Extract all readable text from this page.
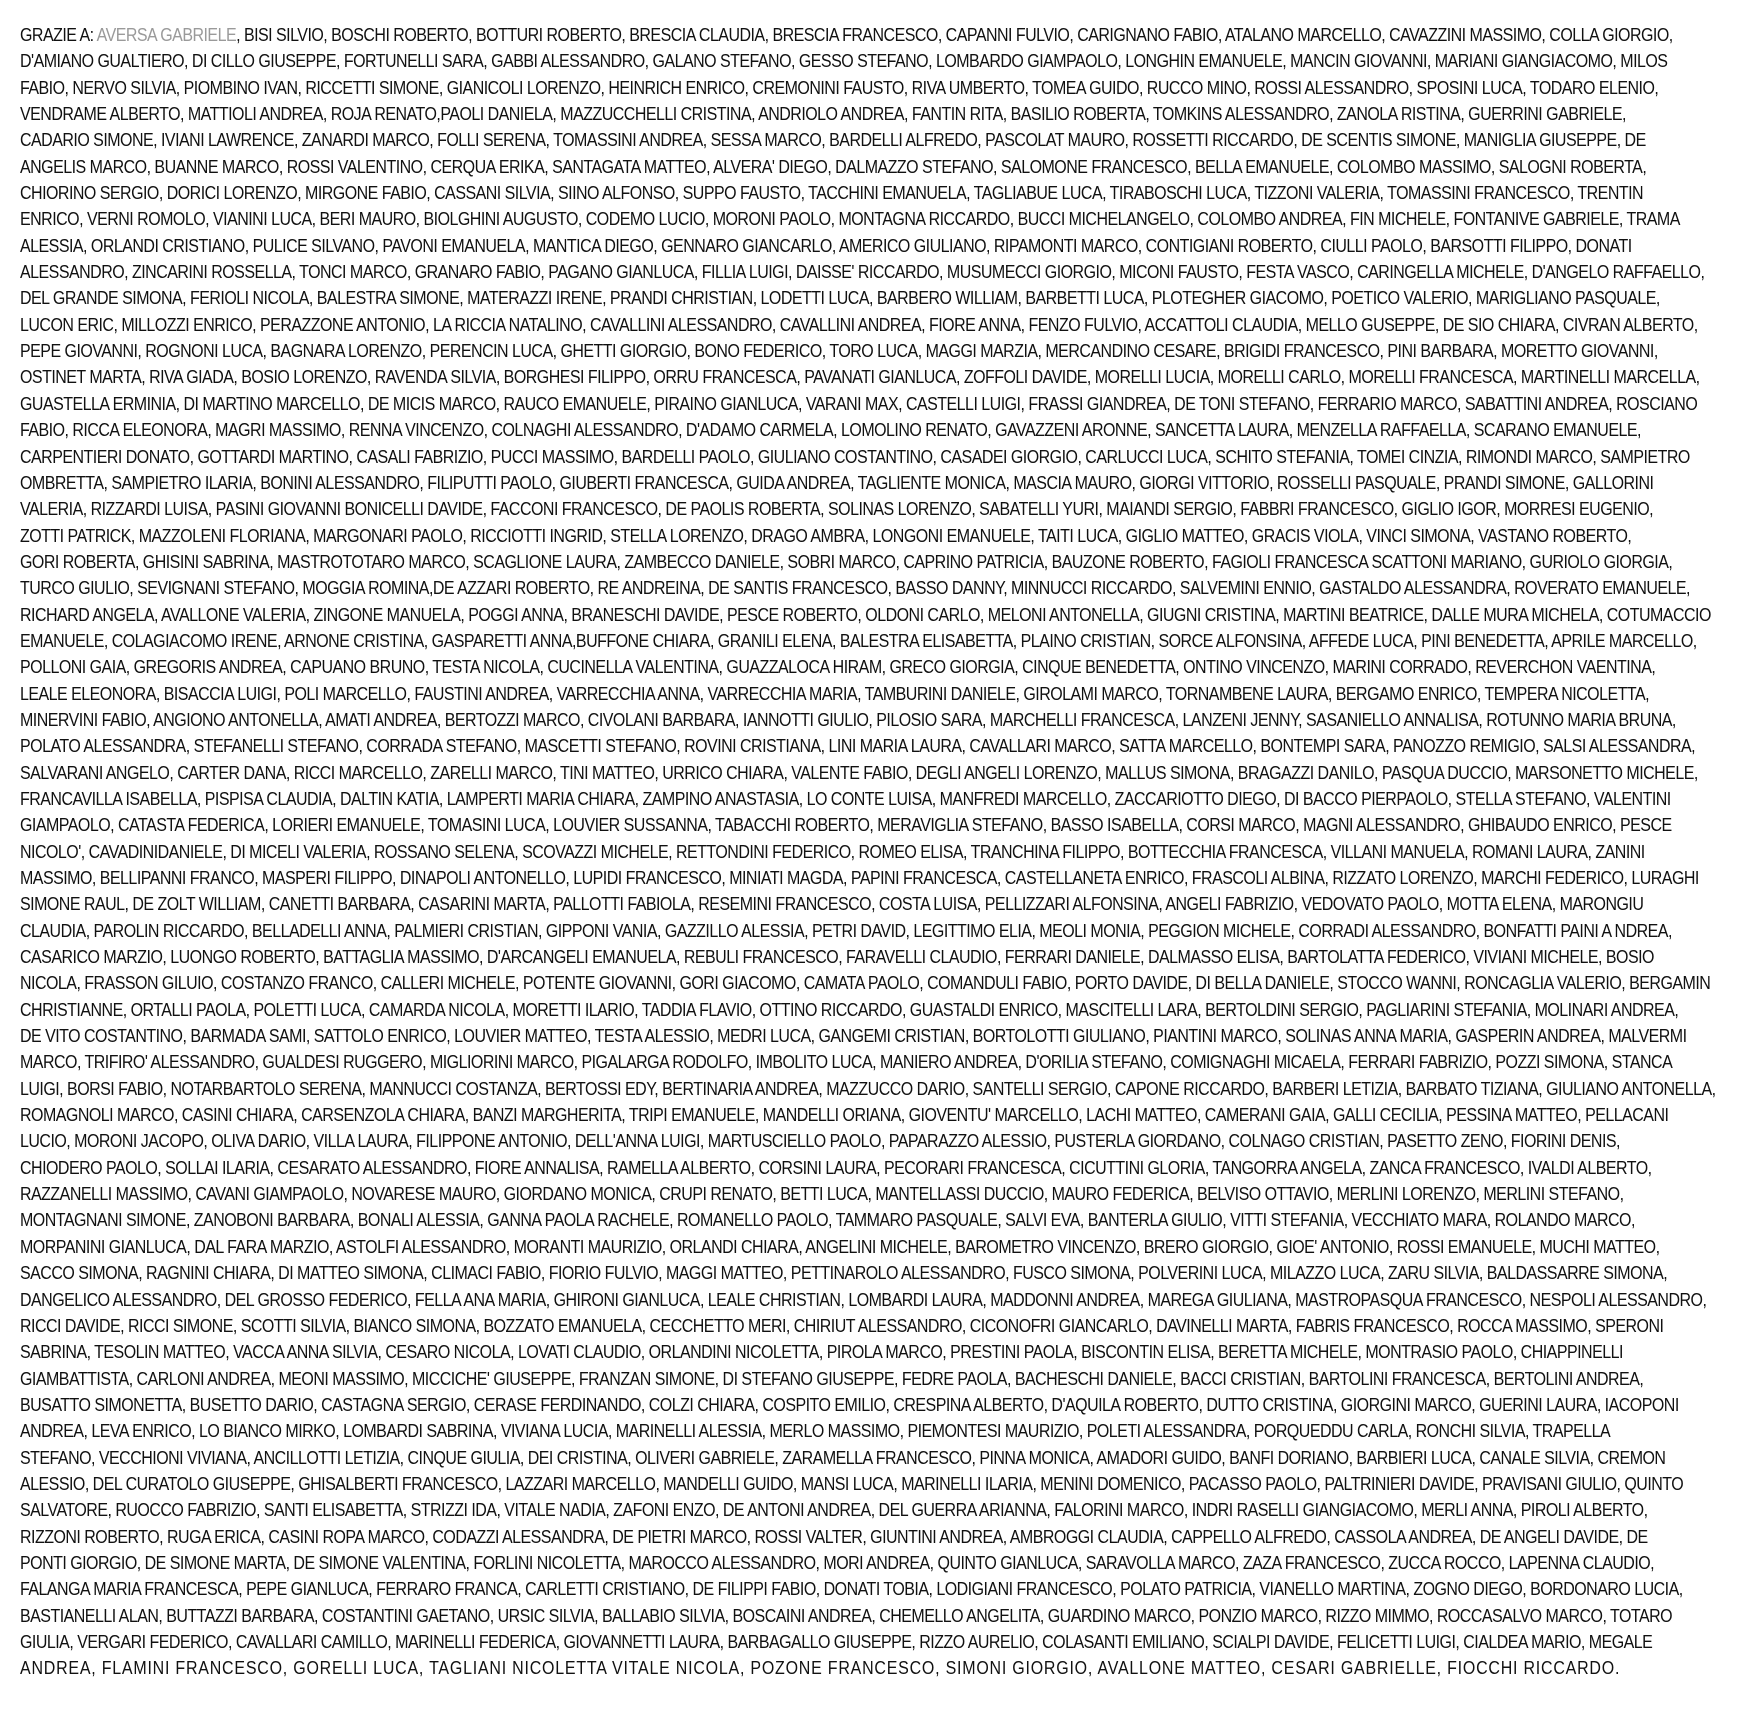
GRAZIE A: AVERSA GABRIELE, BISI SILVIO, BOSCHI ROBERTO, BOTTURI ROBERTO, BRESCIA CLAUDIA, BRESCIA FRANCESCO, CAPANNI FULVIO, CARIGNANO FABIO, ATALANO MARCELLO, CAVAZZINI MASSIMO, COLLA GIORGIO,
D'AMIANO GUALTIERO, DI CILLO GIUSEPPE, FORTUNELLI SARA, GABBI ALESSANDRO, GALANO STEFANO, GESSO STEFANO, LOMBARDO GIAMPAOLO, LONGHIN EMANUELE, MANCIN GIOVANNI, MARIANI GIANGIACOMO, MILOS
FABIO, NERVO SILVIA, PIOMBINO IVAN, RICCETTI SIMONE, GIANICOLI LORENZO, HEINRICH ENRICO, CREMONINI FAUSTO, RIVA UMBERTO, TOMEA GUIDO, RUCCO MINO, ROSSI ALESSANDRO, SPOSINI LUCA, TODARO ELENIO,
VENDRAME ALBERTO, MATTIOLI ANDREA, ROJA RENATO,PAOLI DANIELA, MAZZUCCHELLI CRISTINA, ANDRIOLO ANDREA, FANTIN RITA, BASILIO ROBERTA, TOMKINS ALESSANDRO, ZANOLA RISTINA, GUERRINI GABRIELE,
CADARIO SIMONE, IVIANI LAWRENCE, ZANARDI MARCO, FOLLI SERENA, TOMASSINI ANDREA, SESSA MARCO, BARDELLI ALFREDO, PASCOLAT MAURO, ROSSETTI RICCARDO, DE SCENTIS SIMONE, MANIGLIA GIUSEPPE, DE
ANGELIS MARCO, BUANNE MARCO, ROSSI VALENTINO, CERQUA ERIKA, SANTAGATA MATTEO, ALVERA' DIEGO, DALMAZZO STEFANO, SALOMONE FRANCESCO, BELLA EMANUELE, COLOMBO MASSIMO, SALOGNI ROBERTA,
CHIORINO SERGIO, DORICI LORENZO, MIRGONE FABIO, CASSANI SILVIA, SIINO ALFONSO, SUPPO FAUSTO, TACCHINI EMANUELA, TAGLIABUE LUCA, TIRABOSCHI LUCA, TIZZONI VALERIA, TOMASSINI FRANCESCO, TRENTIN
ENRICO, VERNI ROMOLO, VIANINI LUCA, BERI MAURO, BIOLGHINI AUGUSTO, CODEMO LUCIO, MORONI PAOLO, MONTAGNA RICCARDO, BUCCI MICHELANGELO, COLOMBO ANDREA, FIN MICHELE, FONTANIVE GABRIELE, TRAMA
ALESSIA, ORLANDI CRISTIANO, PULICE SILVANO, PAVONI EMANUELA, MANTICA DIEGO, GENNARO GIANCARLO, AMERICO GIULIANO, RIPAMONTI MARCO, CONTIGIANI ROBERTO, CIULLI PAOLO, BARSOTTI FILIPPO, DONATI
ALESSANDRO, ZINCARINI ROSSELLA, TONCI MARCO, GRANARO FABIO, PAGANO GIANLUCA, FILLIA LUIGI, DAISSE' RICCARDO, MUSUMECCI GIORGIO, MICONI FAUSTO, FESTA VASCO, CARINGELLA MICHELE, D'ANGELO RAFFAELLO,
DEL GRANDE SIMONA, FERIOLI NICOLA, BALESTRA SIMONE, MATERAZZI IRENE, PRANDI CHRISTIAN, LODETTI LUCA, BARBERO WILLIAM, BARBETTI LUCA, PLOTEGHER GIACOMO, POETICO VALERIO, MARIGLIANO PASQUALE,
LUCON ERIC, MILLOZZI ENRICO, PERAZZONE ANTONIO, LA RICCIA NATALINO, CAVALLINI ALESSANDRO, CAVALLINI ANDREA, FIORE ANNA, FENZO FULVIO, ACCATTOLI CLAUDIA, MELLO GUSEPPE, DE SIO CHIARA, CIVRAN ALBERTO,
PEPE GIOVANNI, ROGNONI LUCA, BAGNARA LORENZO, PERENCIN LUCA, GHETTI GIORGIO, BONO FEDERICO, TORO LUCA, MAGGI MARZIA, MERCANDINO CESARE, BRIGIDI FRANCESCO, PINI BARBARA, MORETTO GIOVANNI,
OSTINET MARTA, RIVA GIADA, BOSIO LORENZO, RAVENDA SILVIA, BORGHESI FILIPPO, ORRU FRANCESCA, PAVANATI GIANLUCA, ZOFFOLI DAVIDE, MORELLI LUCIA, MORELLI CARLO, MORELLI FRANCESCA, MARTINELLI MARCELLA,
GUASTELLA ERMINIA, DI MARTINO MARCELLO, DE MICIS MARCO, RAUCO EMANUELE, PIRAINO GIANLUCA, VARANI MAX, CASTELLI LUIGI, FRASSI GIANDREA, DE TONI STEFANO, FERRARIO MARCO, SABATTINI ANDREA, ROSCIANO
FABIO, RICCA ELEONORA, MAGRI MASSIMO, RENNA VINCENZO, COLNAGHI ALESSANDRO, D'ADAMO CARMELA, LOMOLINO RENATO, GAVAZZENI ARONNE, SANCETTA LAURA, MENZELLA RAFFAELLA, SCARANO EMANUELE,
CARPENTIERI DONATO, GOTTARDI MARTINO, CASALI FABRIZIO, PUCCI MASSIMO, BARDELLI PAOLO, GIULIANO COSTANTINO, CASADEI GIORGIO, CARLUCCI LUCA, SCHITO STEFANIA, TOMEI CINZIA, RIMONDI MARCO, SAMPIETRO
OMBRETTA, SAMPIETRO ILARIA, BONINI ALESSANDRO, FILIPUTTI PAOLO, GIUBERTI FRANCESCA, GUIDA ANDREA, TAGLIENTE MONICA, MASCIA MAURO, GIORGI VITTORIO, ROSSELLI PASQUALE, PRANDI SIMONE, GALLORINI
VALERIA, RIZZARDI LUISA, PASINI GIOVANNI BONICELLI DAVIDE, FACCONI FRANCESCO, DE PAOLIS ROBERTA, SOLINAS LORENZO, SABATELLI YURI, MAIANDI SERGIO, FABBRI FRANCESCO, GIGLIO IGOR, MORRESI EUGENIO,
ZOTTI PATRICK, MAZZOLENI FLORIANA, MARGONARI PAOLO, RICCIOTTI INGRID, STELLA LORENZO, DRAGO AMBRA, LONGONI EMANUELE, TAITI LUCA, GIGLIO MATTEO, GRACIS VIOLA, VINCI SIMONA, VASTANO ROBERTO,
GORI ROBERTA, GHISINI SABRINA, MASTROTOTARO MARCO, SCAGLIONE LAURA, ZAMBECCO DANIELE, SOBRI MARCO, CAPRINO PATRICIA, BAUZONE ROBERTO, FAGIOLI FRANCESCA SCATTONI MARIANO, GURIOLO GIORGIA,
TURCO GIULIO, SEVIGNANI STEFANO, MOGGIA ROMINA,DE AZZARI ROBERTO, RE ANDREINA, DE SANTIS FRANCESCO, BASSO DANNY, MINNUCCI RICCARDO, SALVEMINI ENNIO, GASTALDO ALESSANDRA, ROVERATO EMANUELE,
RICHARD ANGELA, AVALLONE VALERIA, ZINGONE MANUELA, POGGI ANNA, BRANESCHI DAVIDE, PESCE ROBERTO, OLDONI CARLO, MELONI ANTONELLA, GIUGNI CRISTINA, MARTINI BEATRICE, DALLE MURA MICHELA, COTUMACCIO
EMANUELE, COLAGIACOMO IRENE, ARNONE CRISTINA, GASPARETTI ANNA,BUFFONE CHIARA, GRANILI ELENA, BALESTRA ELISABETTA, PLAINO CRISTIAN, SORCE ALFONSINA, AFFEDE LUCA, PINI BENEDETTA, APRILE MARCELLO,
POLLONI GAIA, GREGORIS ANDREA, CAPUANO BRUNO, TESTA NICOLA, CUCINELLA VALENTINA, GUAZZALOCA HIRAM, GRECO GIORGIA, CINQUE BENEDETTA, ONTINO VINCENZO, MARINI CORRADO, REVERCHON VAENTINA,
LEALE ELEONORA, BISACCIA LUIGI, POLI MARCELLO, FAUSTINI ANDREA, VARRECCHIA ANNA, VARRECCHIA MARIA, TAMBURINI DANIELE, GIROLAMI MARCO, TORNAMBENE LAURA, BERGAMO ENRICO, TEMPERA NICOLETTA,
MINERVINI FABIO, ANGIONO ANTONELLA, AMATI ANDREA, BERTOZZI MARCO, CIVOLANI BARBARA, IANNOTTI GIULIO, PILOSIO SARA, MARCHELLI FRANCESCA, LANZENI JENNY, SASANIELLO ANNALISA, ROTUNNO MARIA BRUNA,
POLATO ALESSANDRA, STEFANELLI STEFANO, CORRADA STEFANO, MASCETTI STEFANO, ROVINI CRISTIANA, LINI MARIA LAURA, CAVALLARI MARCO, SATTA MARCELLO, BONTEMPI SARA, PANOZZO REMIGIO, SALSI ALESSANDRA,
SALVARANI ANGELO, CARTER DANA, RICCI MARCELLO, ZARELLI MARCO, TINI MATTEO, URRICO CHIARA, VALENTE FABIO, DEGLI ANGELI LORENZO, MALLUS SIMONA, BRAGAZZI DANILO, PASQUA DUCCIO, MARSONETTO MICHELE,
FRANCAVILLA ISABELLA, PISPISA CLAUDIA, DALTIN KATIA, LAMPERTI MARIA CHIARA, ZAMPINO ANASTASIA, LO CONTE LUISA, MANFREDI MARCELLO, ZACCARIOTTO DIEGO, DI BACCO PIERPAOLO, STELLA STEFANO, VALENTINI
GIAMPAOLO, CATASTA FEDERICA, LORIERI EMANUELE, TOMASINI LUCA, LOUVIER SUSSANNA, TABACCHI ROBERTO, MERAVIGLIA STEFANO, BASSO ISABELLA, CORSI MARCO, MAGNI ALESSANDRO, GHIBAUDO ENRICO, PESCE
NICOLO', CAVADINIDANIELE, DI MICELI VALERIA, ROSSANO SELENA, SCOVAZZI MICHELE, RETTONDINI FEDERICO, ROMEO ELISA, TRANCHINA FILIPPO, BOTTECCHIA FRANCESCA, VILLANI MANUELA, ROMANI LAURA, ZANINI
MASSIMO, BELLIPANNI FRANCO, MASPERI FILIPPO, DINAPOLI ANTONELLO, LUPIDI FRANCESCO, MINIATI MAGDA, PAPINI FRANCESCA, CASTELLANETA ENRICO, FRASCOLI ALBINA, RIZZATO LORENZO, MARCHI FEDERICO, LURAGHI
SIMONE RAUL, DE ZOLT WILLIAM, CANETTI BARBARA, CASARINI MARTA, PALLOTTI FABIOLA, RESEMINI FRANCESCO, COSTA LUISA, PELLIZZARI ALFONSINA, ANGELI FABRIZIO, VEDOVATO PAOLO, MOTTA ELENA, MARONGIU
CLAUDIA, PAROLIN RICCARDO, BELLADELLI ANNA, PALMIERI CRISTIAN, GIPPONI VANIA, GAZZILLO ALESSIA, PETRI DAVID, LEGITTIMO ELIA, MEOLI MONIA, PEGGION MICHELE, CORRADI ALESSANDRO, BONFATTI PAINI A NDREA,
CASARICO MARZIO, LUONGO ROBERTO, BATTAGLIA MASSIMO, D'ARCANGELI EMANUELA, REBULI FRANCESCO, FARAVELLI CLAUDIO, FERRARI DANIELE, DALMASSO ELISA, BARTOLATTA FEDERICO, VIVIANI MICHELE, BOSIO
NICOLA, FRASSON GILUIO, COSTANZO FRANCO, CALLERI MICHELE, POTENTE GIOVANNI, GORI GIACOMO, CAMATA PAOLO, COMANDULI FABIO, PORTO DAVIDE, DI BELLA DANIELE, STOCCO WANNI, RONCAGLIA VALERIO, BERGAMIN
CHRISTIANNE, ORTALLI PAOLA, POLETTI LUCA, CAMARDA NICOLA, MORETTI ILARIO, TADDIA FLAVIO, OTTINO RICCARDO, GUASTALDI ENRICO, MASCITELLI LARA, BERTOLDINI SERGIO, PAGLIARINI STEFANIA, MOLINARI ANDREA,
DE VITO COSTANTINO, BARMADA SAMI, SATTOLO ENRICO, LOUVIER MATTEO, TESTA ALESSIO, MEDRI LUCA, GANGEMI CRISTIAN, BORTOLOTTI GIULIANO, PIANTINI MARCO, SOLINAS ANNA MARIA, GASPERIN ANDREA, MALVERMI
MARCO, TRIFIRO' ALESSANDRO, GUALDESI RUGGERO, MIGLIORINI MARCO, PIGALARGA RODOLFO, IMBOLITO LUCA, MANIERO ANDREA, D'ORILIA STEFANO, COMIGNAGHI MICAELA, FERRARI FABRIZIO, POZZI SIMONA, STANCA
LUIGI, BORSI FABIO, NOTARBARTOLO SERENA, MANNUCCI COSTANZA, BERTOSSI EDY, BERTINARIA ANDREA, MAZZUCCO DARIO, SANTELLI SERGIO, CAPONE RICCARDO, BARBERI LETIZIA, BARBATO TIZIANA, GIULIANO ANTONELLA,
ROMAGNOLI MARCO, CASINI CHIARA, CARSENZOLA CHIARA, BANZI MARGHERITA, TRIPI EMANUELE, MANDELLI ORIANA, GIOVENTU' MARCELLO, LACHI MATTEO, CAMERANI GAIA, GALLI CECILIA, PESSINA MATTEO, PELLACANI
LUCIO, MORONI JACOPO, OLIVA DARIO, VILLA LAURA, FILIPPONE ANTONIO, DELL'ANNA LUIGI, MARTUSCIELLO PAOLO, PAPARAZZO ALESSIO, PUSTERLA GIORDANO, COLNAGO CRISTIAN, PASETTO ZENO, FIORINI DENIS,
CHIODERO PAOLO, SOLLAI ILARIA, CESARATO ALESSANDRO, FIORE ANNALISA, RAMELLA ALBERTO, CORSINI LAURA, PECORARI FRANCESCA, CICUTTINI GLORIA, TANGORRA ANGELA, ZANCA FRANCESCO, IVALDI ALBERTO,
RAZZANELLI MASSIMO, CAVANI GIAMPAOLO, NOVARESE MAURO, GIORDANO MONICA, CRUPI RENATO, BETTI LUCA, MANTELLASSI DUCCIO, MAURO FEDERICA, BELVISO OTTAVIO, MERLINI LORENZO, MERLINI STEFANO,
MONTAGNANI SIMONE, ZANOBONI BARBARA, BONALI ALESSIA, GANNA PAOLA RACHELE, ROMANELLO PAOLO, TAMMARO PASQUALE, SALVI EVA, BANTERLA GIULIO, VITTI STEFANIA, VECCHIATO MARA, ROLANDO MARCO,
MORPANINI GIANLUCA, DAL FARA MARZIO, ASTOLFI ALESSANDRO, MORANTI MAURIZIO, ORLANDI CHIARA, ANGELINI MICHELE, BAROMETRO VINCENZO, BRERO GIORGIO, GIOE' ANTONIO, ROSSI EMANUELE, MUCHI MATTEO,
SACCO SIMONA, RAGNINI CHIARA, DI MATTEO SIMONA, CLIMACI FABIO, FIORIO FULVIO, MAGGI MATTEO, PETTINAROLO ALESSANDRO, FUSCO SIMONA, POLVERINI LUCA, MILAZZO LUCA, ZARU SILVIA, BALDASSARRE SIMONA,
DANGELICO ALESSANDRO, DEL GROSSO FEDERICO, FELLA ANA MARIA, GHIRONI GIANLUCA, LEALE CHRISTIAN, LOMBARDI LAURA, MADDONNI ANDREA, MAREGA GIULIANA, MASTROPASQUA FRANCESCO, NESPOLI ALESSANDRO,
RICCI DAVIDE, RICCI SIMONE, SCOTTI SILVIA, BIANCO SIMONA, BOZZATO EMANUELA, CECCHETTO MERI, CHIRIUT ALESSANDRO, CICONOFRI GIANCARLO, DAVINELLI MARTA, FABRIS FRANCESCO, ROCCA MASSIMO, SPERONI
SABRINA, TESOLIN MATTEO, VACCA ANNA SILVIA, CESARO NICOLA, LOVATI CLAUDIO, ORLANDINI NICOLETTA, PIROLA MARCO, PRESTINI PAOLA, BISCONTIN ELISA, BERETTA MICHELE, MONTRASIO PAOLO, CHIAPPINELLI
GIAMBATTISTA, CARLONI ANDREA, MEONI MASSIMO, MICCICHE' GIUSEPPE, FRANZAN SIMONE, DI STEFANO GIUSEPPE, FEDRE PAOLA, BACHESCHI DANIELE, BACCI CRISTIAN, BARTOLINI FRANCESCA, BERTOLINI ANDREA,
BUSATTO SIMONETTA, BUSETTO DARIO, CASTAGNA SERGIO, CERASE FERDINANDO, COLZI CHIARA, COSPITO EMILIO, CRESPINA ALBERTO, D'AQUILA ROBERTO, DUTTO CRISTINA, GIORGINI MARCO, GUERINI LAURA, IACOPONI
ANDREA, LEVA ENRICO, LO BIANCO MIRKO, LOMBARDI SABRINA, VIVIANA LUCIA, MARINELLI ALESSIA, MERLO MASSIMO, PIEMONTESI MAURIZIO, POLETI ALESSANDRA, PORQUEDDU CARLA, RONCHI SILVIA, TRAPELLA
STEFANO, VECCHIONI VIVIANA, ANCILLOTTI LETIZIA, CINQUE GIULIA, DEI CRISTINA, OLIVERI GABRIELE, ZARAMELLA FRANCESCO, PINNA MONICA, AMADORI GUIDO, BANFI DORIANO, BARBIERI LUCA, CANALE SILVIA, CREMON
ALESSIO, DEL CURATOLO GIUSEPPE, GHISALBERTI FRANCESCO, LAZZARI MARCELLO, MANDELLI GUIDO, MANSI LUCA, MARINELLI ILARIA, MENINI DOMENICO, PACASSO PAOLO, PALTRINIERI DAVIDE, PRAVISANI GIULIO, QUINTO
SALVATORE, RUOCCO FABRIZIO, SANTI ELISABETTA, STRIZZI IDA, VITALE NADIA, ZAFONI ENZO, DE ANTONI ANDREA, DEL GUERRA ARIANNA, FALORINI MARCO, INDRI RASELLI GIANGIACOMO, MERLI ANNA, PIROLI ALBERTO,
RIZZONI ROBERTO, RUGA ERICA, CASINI ROPA MARCO, CODAZZI ALESSANDRA, DE PIETRI MARCO, ROSSI VALTER, GIUNTINI ANDREA, AMBROGGI CLAUDIA, CAPPELLO ALFREDO, CASSOLA ANDREA, DE ANGELI DAVIDE, DE
PONTI GIORGIO, DE SIMONE MARTA, DE SIMONE VALENTINA, FORLINI NICOLETTA, MAROCCO ALESSANDRO, MORI ANDREA, QUINTO GIANLUCA, SARAVOLLA MARCO, ZAZA FRANCESCO, ZUCCA ROCCO, LAPENNA CLAUDIO,
FALANGA MARIA FRANCESCA, PEPE GIANLUCA, FERRARO FRANCA, CARLETTI CRISTIANO, DE FILIPPI FABIO, DONATI TOBIA, LODIGIANI FRANCESCO, POLATO PATRICIA, VIANELLO MARTINA, ZOGNO DIEGO, BORDONARO LUCIA,
BASTIANELLI ALAN, BUTTAZZI BARBARA, COSTANTINI GAETANO, URSIC SILVIA, BALLABIO SILVIA, BOSCAINI ANDREA, CHEMELLO ANGELITA, GUARDINO MARCO, PONZIO MARCO, RIZZO MIMMO, ROCCASALVO MARCO, TOTARO
GIULIA, VERGARI FEDERICO, CAVALLARI CAMILLO, MARINELLI FEDERICA, GIOVANNETTI LAURA, BARBAGALLO GIUSEPPE, RIZZO AURELIO, COLASANTI EMILIANO, SCIALPI DAVIDE, FELICETTI LUIGI, CIALDEA MARIO, MEGALE
ANDREA, FLAMINI FRANCESCO, GORELLI LUCA, TAGLIANI NICOLETTA VITALE NICOLA, POZONE FRANCESCO, SIMONI GIORGIO, AVALLONE MATTEO, CESARI GABRIELLE, FIOCCHI RICCARDO.
